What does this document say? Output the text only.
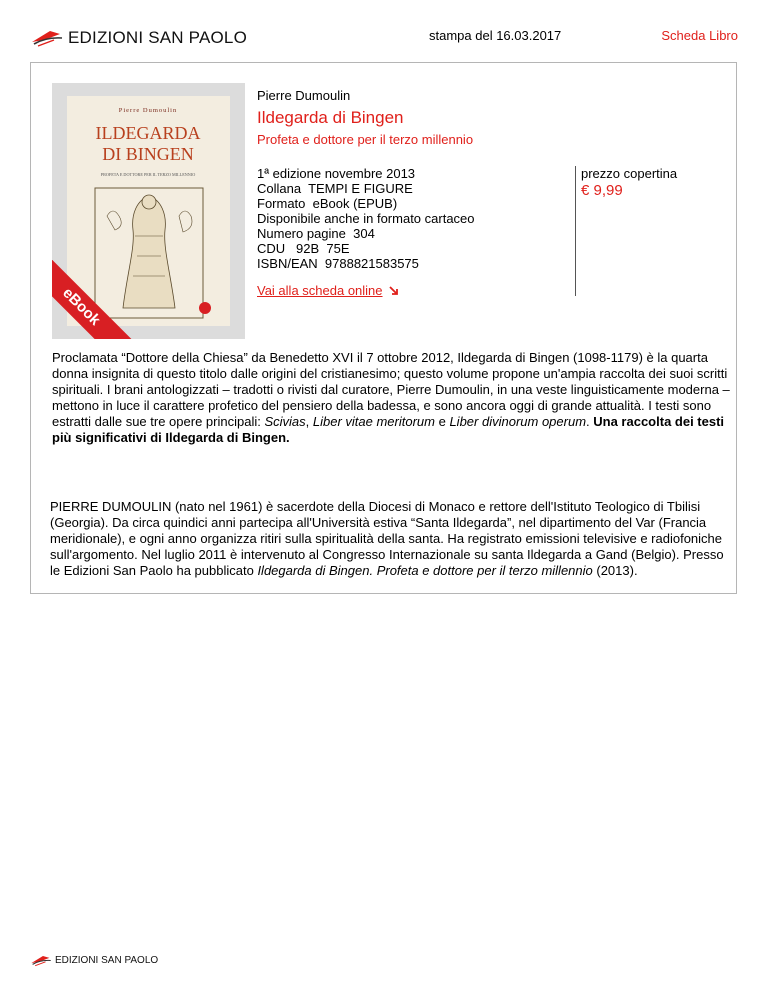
EDIZIONI SAN PAOLO	stampa del 16.03.2017	Scheda Libro
Pierre Dumoulin
ILDEGARDA
DI BINGEN
PROFETA E DOTTORE PER IL TERZO MILLENNIO
eBook
Pierre Dumoulin
Ildegarda di Bingen
Profeta e dottore per il terzo millennio
1ª edizione novembre 2013
Collana  TEMPI E FIGURE
Formato  eBook (EPUB)
Disponibile anche in formato cartaceo
Numero pagine  304
CDU   92B  75E
ISBN/EAN  9788821583575
prezzo copertina
€ 9,99
Vai alla scheda online
Proclamata “Dottore della Chiesa” da Benedetto XVI il 7 ottobre 2012, Ildegarda di Bingen (1098-1179) è la quarta donna insignita di questo titolo dalle origini del cristianesimo; questo volume propone un'ampia raccolta dei suoi scritti spirituali. I brani antologizzati – tradotti o rivisti dal curatore, Pierre Dumoulin, in una veste linguisticamente moderna – mettono in luce il carattere profetico del pensiero della badessa, e sono ancora oggi di grande attualità. I testi sono estratti dalle sue tre opere principali: Scivias, Liber vitae meritorum e Liber divinorum operum. Una raccolta dei testi più significativi di Ildegarda di Bingen.
PIERRE DUMOULIN (nato nel 1961) è sacerdote della Diocesi di Monaco e rettore dell'Istituto Teologico di Tbilisi (Georgia). Da circa quindici anni partecipa all'Università estiva “Santa Ildegarda”, nel dipartimento del Var (Francia meridionale), e ogni anno organizza ritiri sulla spiritualità della santa. Ha registrato emissioni televisive e radiofoniche sull'argomento. Nel luglio 2011 è intervenuto al Congresso Internazionale su santa Ildegarda a Gand (Belgio). Presso le Edizioni San Paolo ha pubblicato Ildegarda di Bingen. Profeta e dottore per il terzo millennio (2013).
EDIZIONI SAN PAOLO
